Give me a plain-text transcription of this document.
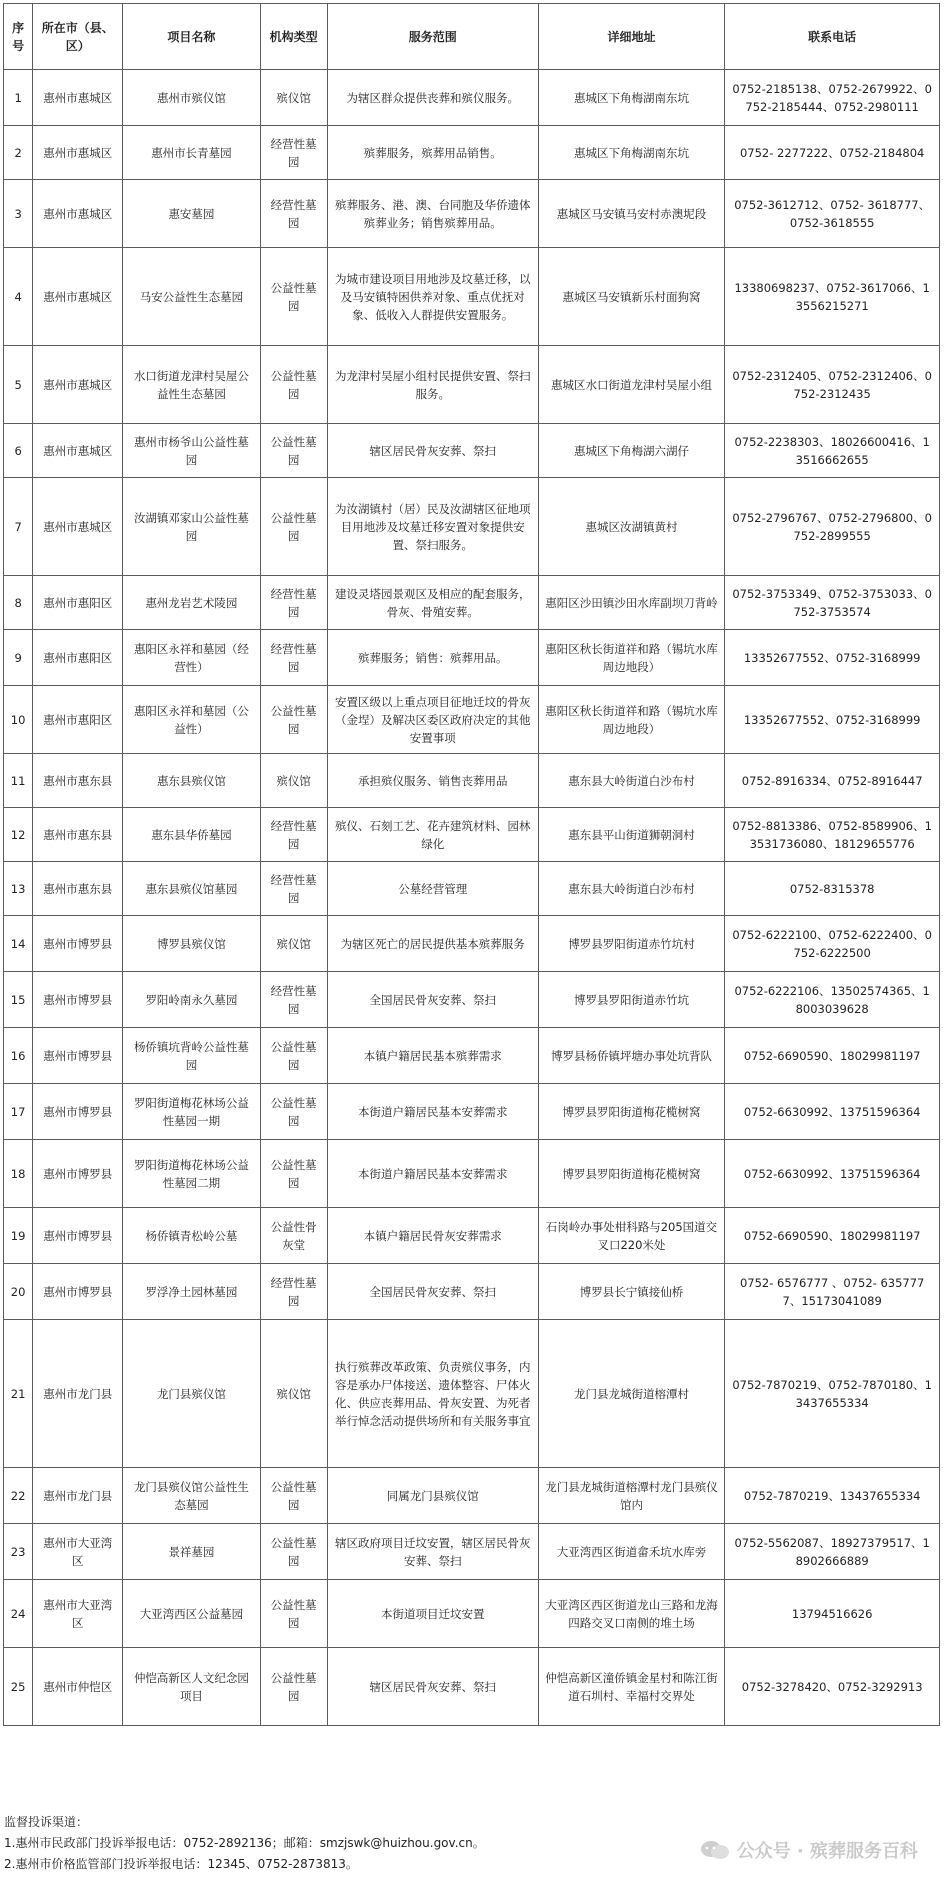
序号	所在市（县、区）	项目名称	机构类型	服务范围	详细地址	联系电话
1	惠州市惠城区	惠州市殡仪馆	殡仪馆	为辖区群众提供丧葬和殡仪服务。	惠城区下角梅湖南东坑	0752-2185138、0752-2679922、0752-2185444、0752-2980111
2	惠州市惠城区	惠州市长青墓园	经营性墓园	殡葬服务，殡葬用品销售。	惠城区下角梅湖南东坑	0752- 2277222、0752-2184804
3	惠州市惠城区	惠安墓园	经营性墓园	殡葬服务、港、澳、台同胞及华侨遗体殡葬业务；销售殡葬用品。	惠城区马安镇马安村赤澳坭段	0752-3612712、0752- 3618777、0752-3618555
4	惠州市惠城区	马安公益性生态墓园	公益性墓园	为城市建设项目用地涉及坟墓迁移，以及马安镇特困供养对象、重点优抚对象、低收入人群提供安置服务。	惠城区马安镇新乐村面狗窝	13380698237、0752-3617066、13556215271
5	惠州市惠城区	水口街道龙津村吴屋公益性生态墓园	公益性墓园	为龙津村吴屋小组村民提供安置、祭扫服务。	惠城区水口街道龙津村吴屋小组	0752-2312405、0752-2312406、0752-2312435
6	惠州市惠城区	惠州市杨爷山公益性墓园	公益性墓园	辖区居民骨灰安葬、祭扫	惠城区下角梅湖六湖仔	0752-2238303、18026600416、13516662655
7	惠州市惠城区	汝湖镇邓家山公益性墓园	公益性墓园	为汝湖镇村（居）民及汝湖辖区征地项目用地涉及坟墓迁移安置对象提供安置、祭扫服务。	惠城区汝湖镇黄村	0752-2796767、0752-2796800、0752-2899555
8	惠州市惠阳区	惠州龙岩艺术陵园	经营性墓园	建设灵塔园景观区及相应的配套服务，骨灰、骨殖安葬。	惠阳区沙田镇沙田水库副坝刀背岭	0752-3753349、0752-3753033、0752-3753574
9	惠州市惠阳区	惠阳区永祥和墓园（经营性）	经营性墓园	殡葬服务；销售：殡葬用品。	惠阳区秋长街道祥和路（锡坑水库周边地段）	13352677552、0752-3168999
10	惠州市惠阳区	惠阳区永祥和墓园（公益性）	公益性墓园	安置区级以上重点项目征地迁坟的骨灰（金埕）及解决区委区政府决定的其他安置事项	惠阳区秋长街道祥和路（锡坑水库周边地段）	13352677552、0752-3168999
11	惠州市惠东县	惠东县殡仪馆	殡仪馆	承担殡仪服务、销售丧葬用品	惠东县大岭街道白沙布村	0752-8916334、0752-8916447
12	惠州市惠东县	惠东县华侨墓园	经营性墓园	殡仪、石刻工艺、花卉建筑材料、园林绿化	惠东县平山街道狮朝洞村	0752-8813386、0752-8589906、13531736080、18129655776
13	惠州市惠东县	惠东县殡仪馆墓园	经营性墓园	公墓经营管理	惠东县大岭街道白沙布村	0752-8315378
14	惠州市博罗县	博罗县殡仪馆	殡仪馆	为辖区死亡的居民提供基本殡葬服务	博罗县罗阳街道赤竹坑村	0752-6222100、0752-6222400、0752-6222500
15	惠州市博罗县	罗阳岭南永久墓园	经营性墓园	全国居民骨灰安葬、祭扫	博罗县罗阳街道赤竹坑	0752-6222106、13502574365、18003039628
16	惠州市博罗县	杨侨镇坑背岭公益性墓园	公益性墓园	本镇户籍居民基本殡葬需求	博罗县杨侨镇坪塘办事处坑背队	0752-6690590、18029981197
17	惠州市博罗县	罗阳街道梅花林场公益性墓园一期	公益性墓园	本街道户籍居民基本安葬需求	博罗县罗阳街道梅花榄树窝	0752-6630992、13751596364
18	惠州市博罗县	罗阳街道梅花林场公益性墓园二期	公益性墓园	本街道户籍居民基本安葬需求	博罗县罗阳街道梅花榄树窝	0752-6630992、13751596364
19	惠州市博罗县	杨侨镇青松岭公墓	公益性骨灰堂	本镇户籍居民骨灰安葬需求	石岗岭办事处柑科路与205国道交叉口220米处	0752-6690590、18029981197
20	惠州市博罗县	罗浮净土园林墓园	经营性墓园	全国居民骨灰安葬、祭扫	博罗县长宁镇接仙桥	0752- 6576777 、0752- 6357777、15173041089
21	惠州市龙门县	龙门县殡仪馆	殡仪馆	执行殡葬改革政策、负责殡仪事务，内容是承办尸体接送、遗体整容、尸体火化、供应丧葬用品、骨灰安置、为死者举行悼念活动提供场所和有关服务事宜	龙门县龙城街道榕潭村	0752-7870219、0752-7870180、13437655334
22	惠州市龙门县	龙门县殡仪馆公益性生态墓园	公益性墓园	同属龙门县殡仪馆	龙门县龙城街道榕潭村龙门县殡仪馆内	0752-7870219、13437655334
23	惠州市大亚湾区	景祥墓园	公益性墓园	辖区政府项目迁坟安置，辖区居民骨灰安葬、祭扫	大亚湾西区街道畲禾坑水库旁	0752-5562087、18927379517、18902666889
24	惠州市大亚湾区	大亚湾西区公益墓园	公益性墓园	本街道项目迁坟安置	大亚湾区西区街道龙山三路和龙海四路交叉口南侧的堆土场	13794516626
25	惠州市仲恺区	仲恺高新区人文纪念园项目	公益性墓园	辖区居民骨灰安葬、祭扫	仲恺高新区潼侨镇金星村和陈江街道石圳村、幸福村交界处	0752-3278420、0752-3292913
监督投诉渠道：
1.惠州市民政部门投诉举报电话：0752-2892136；邮箱：smzjswk@huizhou.gov.cn。
2.惠州市价格监管部门投诉举报电话：12345、0752-2873813。
公众号 · 殡葬服务百科
